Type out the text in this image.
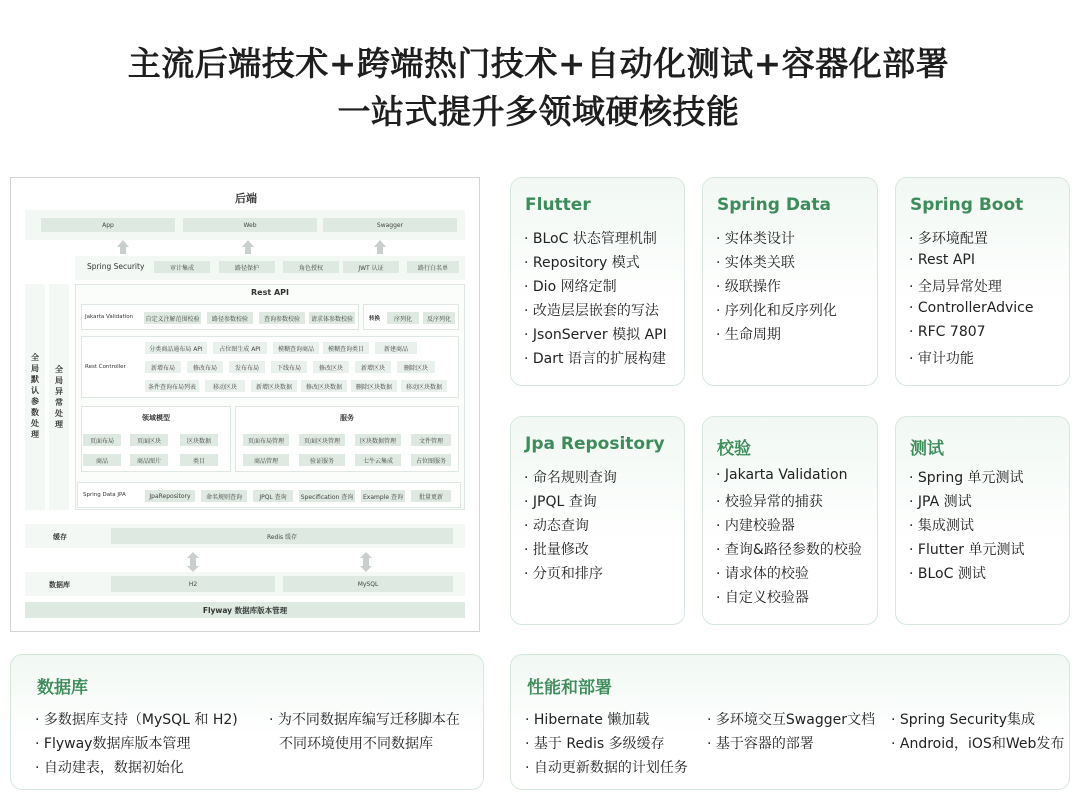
主流后端技术+跨端热门技术+自动化测试+容器化部署
一站式提升多领域硬核技能
后端
App	Web	Swagger
Spring Security	审计集成	路径保护	角色授权	JWT 认证	路行白名单
全
局
默
认
参
数
处
理
全
局
异
常
处
理
Rest API
Jakarta Validation 自定义注解范围校验	路径参数校验	查询参数校验	请求体参数校验	转换	序列化	反序列化
Rest Controller
分类商品通布局 API	占位图生成 API	模糊查询商品	模糊查询类目	新建商品
新增布局	修改布局	发布布局	下线布局	修改区块	新增区块	删除区块
条件查询布局列表	移动区块	新增区块数据	修改区块数据	删除区块数据	移动区块数据
领域模型
页面布局	页面区块	区块数据
商品	商品图片	类目
服务
页面布局管理	页面区块管理	区块数据管理	文件管理
商品管理	验证服务	七牛云集成	占位图服务
Spring Data JPA	JpaRepository	命名规则查询	JPQL 查询	Specification 查询	Example 查询	批量更新
缓存	Redis 缓存
数据库	H2	MySQL
Flyway 数据库版本管理
Flutter
· BLoC 状态管理机制
· Repository 模式
· Dio 网络定制
· 改造层层嵌套的写法
· JsonServer 模拟 API
· Dart 语言的扩展构建
Spring Data
· 实体类设计
· 实体类关联
· 级联操作
· 序列化和反序列化
· 生命周期
Spring Boot
· 多环境配置
· Rest API
· 全局异常处理
· ControllerAdvice
· RFC 7807
· 审计功能
Jpa Repository
· 命名规则查询
· JPQL 查询
· 动态查询
· 批量修改
· 分页和排序
校验
· Jakarta Validation
· 校验异常的捕获
· 内建校验器
· 查询&路径参数的校验
· 请求体的校验
· 自定义校验器
测试
· Spring 单元测试
· JPA 测试
· 集成测试
· Flutter 单元测试
· BLoC 测试
数据库
· 多数据库支持（MySQL 和 H2)
· Flyway数据库版本管理
· 自动建表，数据初始化
· 为不同数据库编写迁移脚本在
不同环境使用不同数据库
性能和部署
· Hibernate 懒加载
· 基于 Redis 多级缓存
· 自动更新数据的计划任务
· 多环境交互Swagger文档
· 基于容器的部署
· Spring Security集成
· Android，iOS和Web发布
